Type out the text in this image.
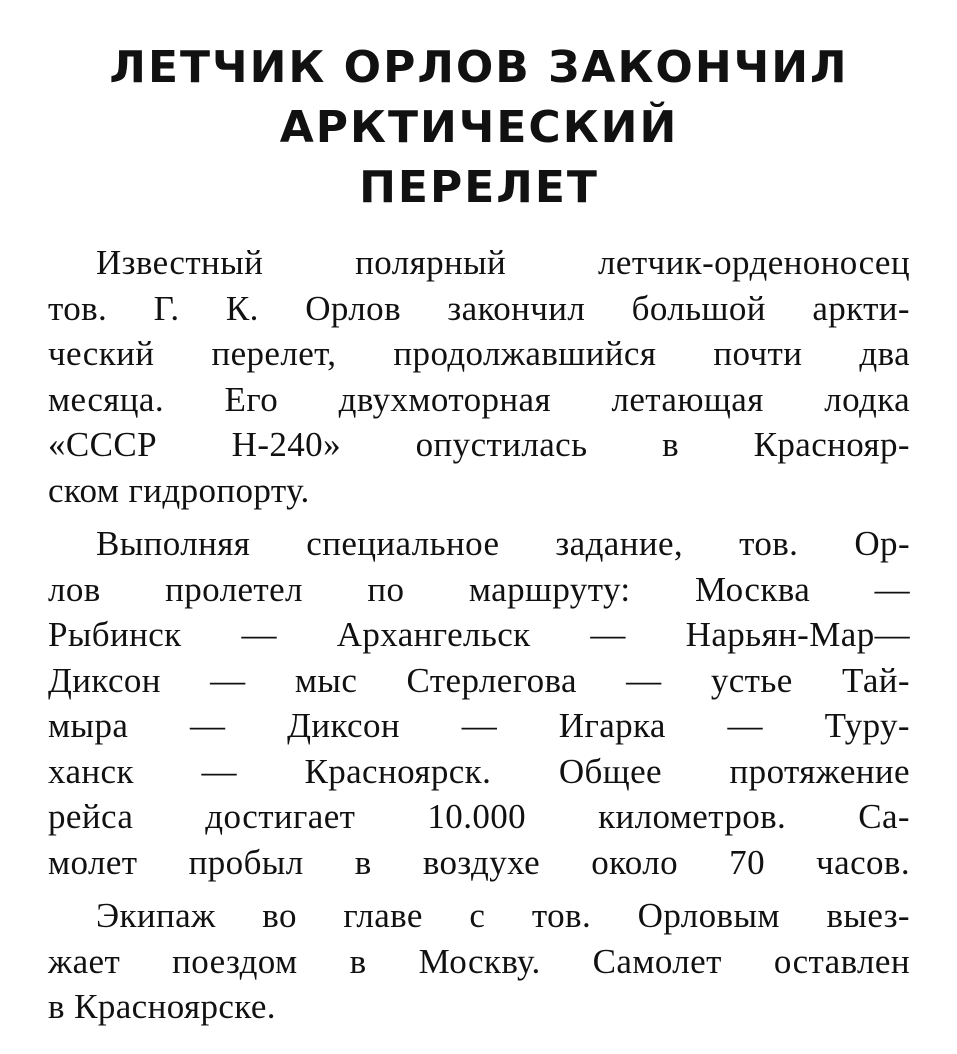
ЛЕТЧИК ОРЛОВ ЗАКОНЧИЛ
АРКТИЧЕСКИЙ
ПЕРЕЛЕТ
Известный полярный летчик-орденоносец
тов. Г. К. Орлов закончил большой аркти-
ческий перелет, продолжавшийся почти два
месяца. Его двухмоторная летающая лодка
«СССР Н-240» опустилась в Краснояр-
ском гидропорту.
Выполняя специальное задание, тов. Ор-
лов пролетел по маршруту: Москва —
Рыбинск — Архангельск — Нарьян-Мар—
Диксон — мыс Стерлегова — устье Тай-
мыра — Диксон — Игарка — Туру-
ханск — Красноярск. Общее протяжение
рейса достигает 10.000 километров. Са-
молет пробыл в воздухе около 70 часов.
Экипаж во главе с тов. Орловым выез-
жает поездом в Москву. Самолет оставлен
в Красноярске.
